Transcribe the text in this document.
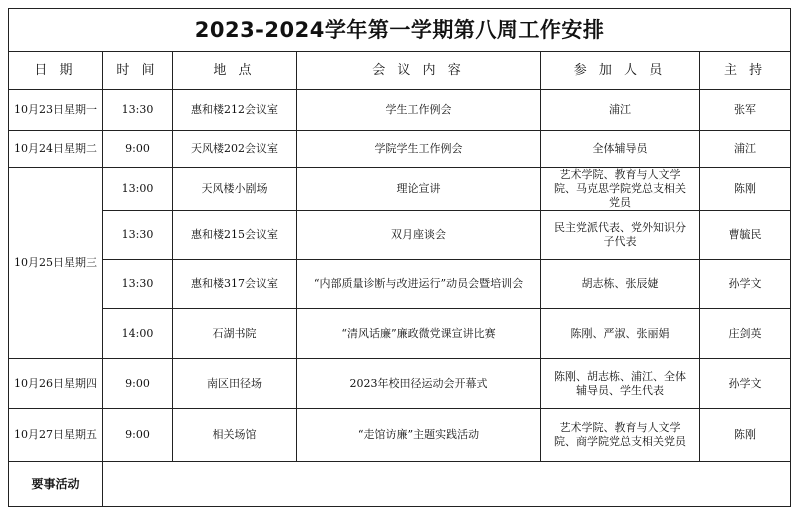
2023-2024学年第一学期第八周工作安排					
日 期	时 间	地 点	会 议 内 容	参 加 人 员	主 持
10月23日星期一	13:30	惠和楼212会议室	学生工作例会	浦江	张军
10月24日星期二	9:00	天风楼202会议室	学院学生工作例会	全体辅导员	浦江
10月25日星期三	13:00	天风楼小剧场	理论宣讲	艺术学院、教育与人文学院、马克思学院党总支相关党员	陈刚
	13:30	惠和楼215会议室	双月座谈会	民主党派代表、党外知识分子代表	曹毓民
	13:30	惠和楼317会议室	“内部质量诊断与改进运行”动员会暨培训会	胡志栋、张辰婕	孙学文
	14:00	石湖书院	“清风话廉”廉政微党课宣讲比赛	陈刚、严淑、张丽娟	庄剑英
10月26日星期四	9:00	南区田径场	2023年校田径运动会开幕式	陈刚、胡志栋、浦江、全体辅导员、学生代表	孙学文
10月27日星期五	9:00	相关场馆	“走馆访廉”主题实践活动	艺术学院、教育与人文学院、商学院党总支相关党员	陈刚
要事活动					
